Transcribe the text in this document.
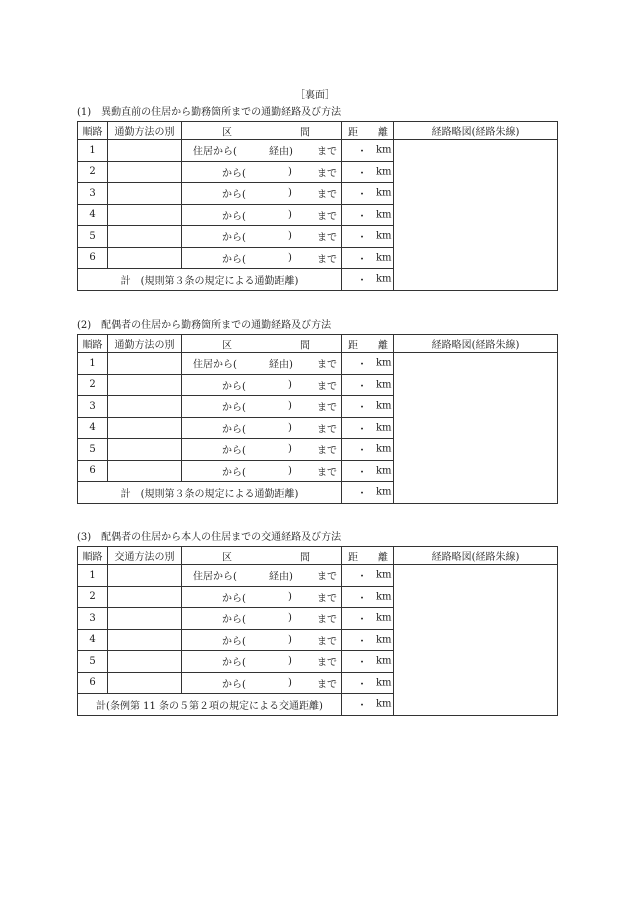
［裏面］
(1)　異動直前の住居から勤務箇所までの通勤経路及び方法
順路	通勤方法の別	区 間	距 離	経路略図(経路朱線)
1		住居から( 経由) まで	・ km	

2		から( ) まで	・ km	

3		から( ) まで	・ km	

4		から( ) まで	・ km	

5		から( ) まで	・ km	

6		から( ) まで	・ km	

計　(規則第３条の規定による通勤距離)			・ km	
(2)　配偶者の住居から勤務箇所までの通勤経路及び方法
順路	通勤方法の別	区 間	距 離	経路略図(経路朱線)
1		住居から( 経由) まで	・ km	

2		から( ) まで	・ km	

3		から( ) まで	・ km	

4		から( ) まで	・ km	

5		から( ) まで	・ km	

6		から( ) まで	・ km	

計　(規則第３条の規定による通勤距離)			・ km	
(3)　配偶者の住居から本人の住居までの交通経路及び方法
順路	交通方法の別	区 間	距 離	経路略図(経路朱線)
1		住居から( 経由) まで	・ km	

2		から( ) まで	・ km	

3		から( ) まで	・ km	

4		から( ) まで	・ km	

5		から( ) まで	・ km	

6		から( ) まで	・ km	

計(条例第 11 条の５第２項の規定による交通距離)			・ km	
